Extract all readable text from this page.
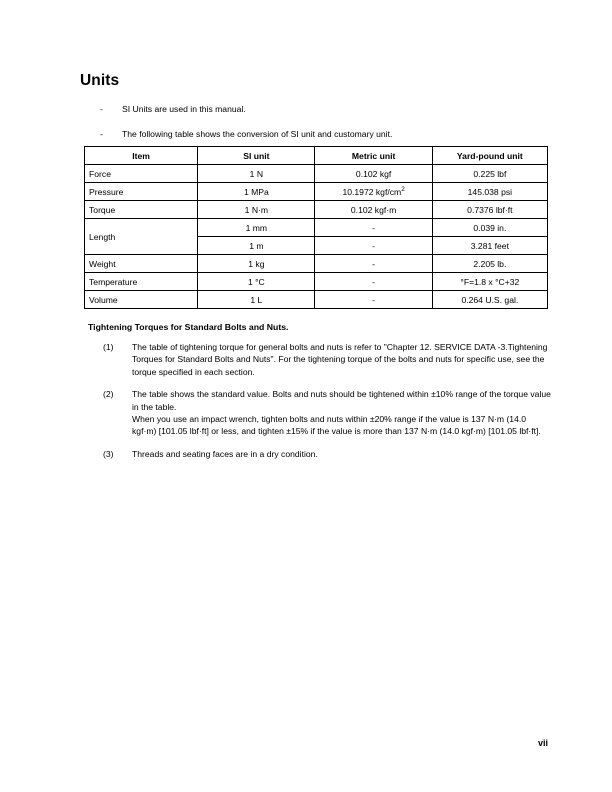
Units
- SI Units are used in this manual.
- The following table shows the conversion of SI unit and customary unit.
Item	SI unit	Metric unit	Yard-pound unit
Force	1 N	0.102 kgf	0.225 lbf
Pressure	1 MPa	10.1972 kgf/$cm^2$	145.038 psi
Torque	1 N·m	0.102 kgf·m	0.7376 lbf·ft
Length	1 mm	-	0.039 in.
	1 m	-	3.281 feet
Weight	1 kg	-	2.205 lb.
Temperature	1 °C	-	°F=1.8 x °C+32
Volume	1 L	-	0.264 U.S. gal.
Tightening Torques for Standard Bolts and Nuts.
(1) The table of tightening torque for general bolts and nuts is refer to "Chapter 12. SERVICE DATA -3.Tightening Torques for Standard Bolts and Nuts". For the tightening torque of the bolts and nuts for specific use, see the torque specified in each section.
(2) The table shows the standard value. Bolts and nuts should be tightened within ±10% range of the torque value in the table.
When you use an impact wrench, tighten bolts and nuts within ±20% range if the value is 137 N·m (14.0 kgf·m) [101.05 lbf·ft] or less, and tighten ±15% if the value is more than 137 N·m (14.0 kgf·m) [101.05 lbf·ft].
(3) Threads and seating faces are in a dry condition.
vii
